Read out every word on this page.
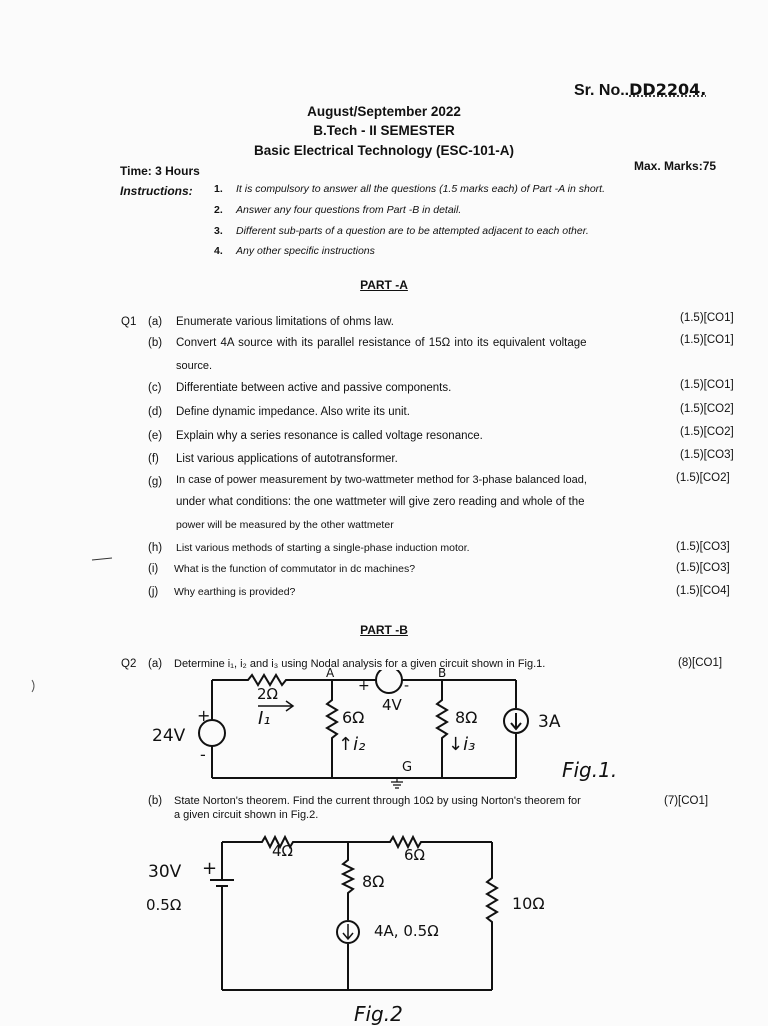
Sr. No..DD2204.
August/September 2022
B.Tech - II SEMESTER
Basic Electrical Technology (ESC-101-A)
Time: 3 Hours	Max. Marks:75
Instructions: 1. It is compulsory to answer all the questions (1.5 marks each) of Part -A in short.
2. Answer any four questions from Part -B in detail.
3. Different sub-parts of a question are to be attempted adjacent to each other.
4. Any other specific instructions
PART -A
Q1 (a) Enumerate various limitations of ohms law.	(1.5)[CO1]
(b) Convert 4A source with its parallel resistance of 15Ω into its equivalent voltage
source.
(1.5)[CO1]
(c) Differentiate between active and passive components.	(1.5)[CO1]
(d) Define dynamic impedance. Also write its unit.	(1.5)[CO2]
(e) Explain why a series resonance is called voltage resonance.	(1.5)[CO2]
(f) List various applications of autotransformer.	(1.5)[CO3]
(g) In case of power measurement by two-wattmeter method for 3-phase balanced load,
under what conditions: the one wattmeter will give zero reading and whole of the
power will be measured by the other wattmeter
(1.5)[CO2]
(h) List various methods of starting a single-phase induction motor.	(1.5)[CO3]
(i) What is the function of commutator in dc machines?	(1.5)[CO3]
(j) Why earthing is provided?	(1.5)[CO4]
PART -B
Q2 (a) Determine i₁, i₂ and i₃ using Nodal analysis for a given circuit shown in Fig.1.	(8)[CO1]
24V
+
-
2Ω
I₁	6Ω
↑i₂
A
+ -
4V
B
8Ω
↓i₃
G
3A
Fig.1.
(b) State Norton's theorem. Find the current through 10Ω by using Norton's theorem for
a given circuit shown in Fig.2.
(7)[CO1]
30V +
0.5Ω
4Ω	6Ω
8Ω
4A, 0.5Ω
10Ω
Fig.2
